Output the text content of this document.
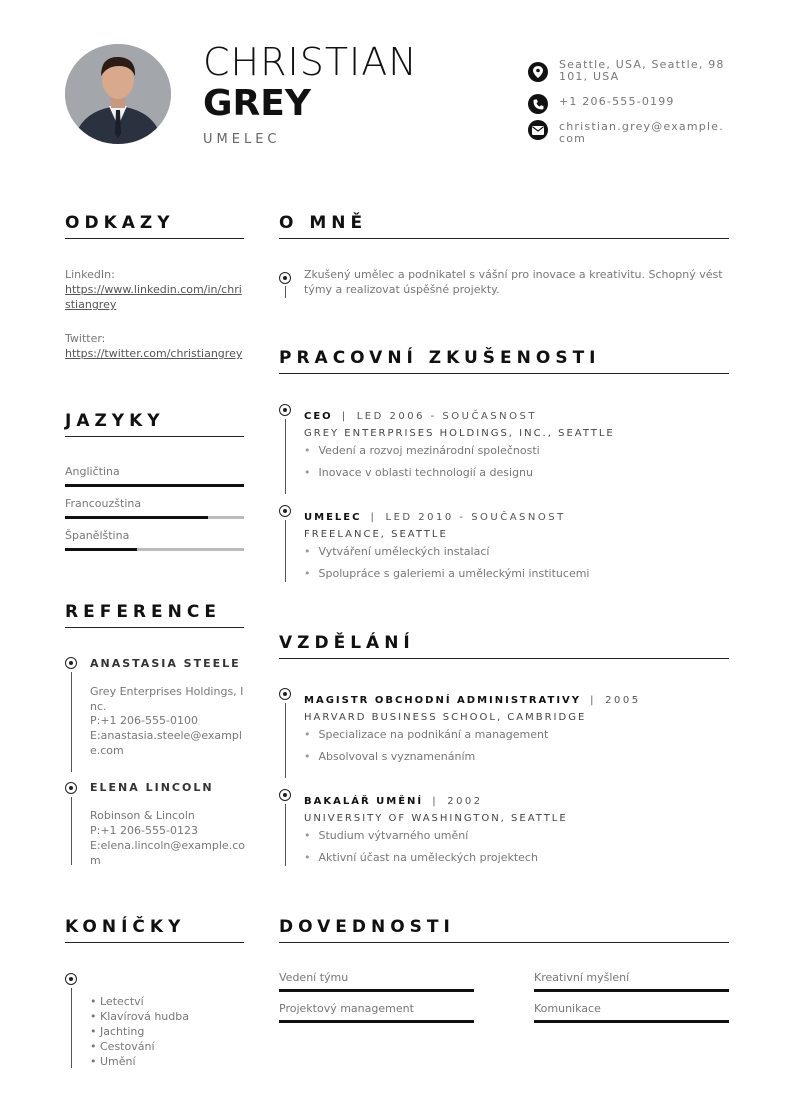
CHRISTIAN
GREY
UMELEC
Seattle, USA, Seattle, 98101, USA
+1 206-555-0199
christian.grey@example.com
ODKAZY
LinkedIn:
https://www.linkedin.com/in/christiangrey
Twitter:
https://twitter.com/christiangrey
JAZYKY
Angličtina
Francouzština
Španělština
REFERENCE
ANASTASIA STEELE
Grey Enterprises Holdings, Inc.
P:+1 206-555-0100
E:anastasia.steele@example.com
ELENA LINCOLN
Robinson & Lincoln
P:+1 206-555-0123
E:elena.lincoln@example.com
KONÍČKY
• Letectví
• Klavírová hudba
• Jachting
• Cestování
• Umění
O MNĚ
Zkušený umělec a podnikatel s vášní pro inovace a kreativitu. Schopný vést týmy a realizovat úspěšné projekty.
PRACOVNÍ ZKUŠENOSTI
CEO | LED 2006 - SOUČASNOST
GREY ENTERPRISES HOLDINGS, INC., SEATTLE
• Vedení a rozvoj mezinárodní společnosti
• Inovace v oblasti technologií a designu
UMELEC | LED 2010 - SOUČASNOST
FREELANCE, SEATTLE
• Vytváření uměleckých instalací
• Spolupráce s galeriemi a uměleckými institucemi
VZDĚLÁNÍ
MAGISTR OBCHODNÍ ADMINISTRATIVY | 2005
HARVARD BUSINESS SCHOOL, CAMBRIDGE
• Specializace na podnikání a management
• Absolvoval s vyznamenáním
BAKALÁŘ UMĚNÍ | 2002
UNIVERSITY OF WASHINGTON, SEATTLE
• Studium výtvarného umění
• Aktivní účast na uměleckých projektech
DOVEDNOSTI
Vedení týmu	Kreativní myšlení
Projektový management	Komunikace
